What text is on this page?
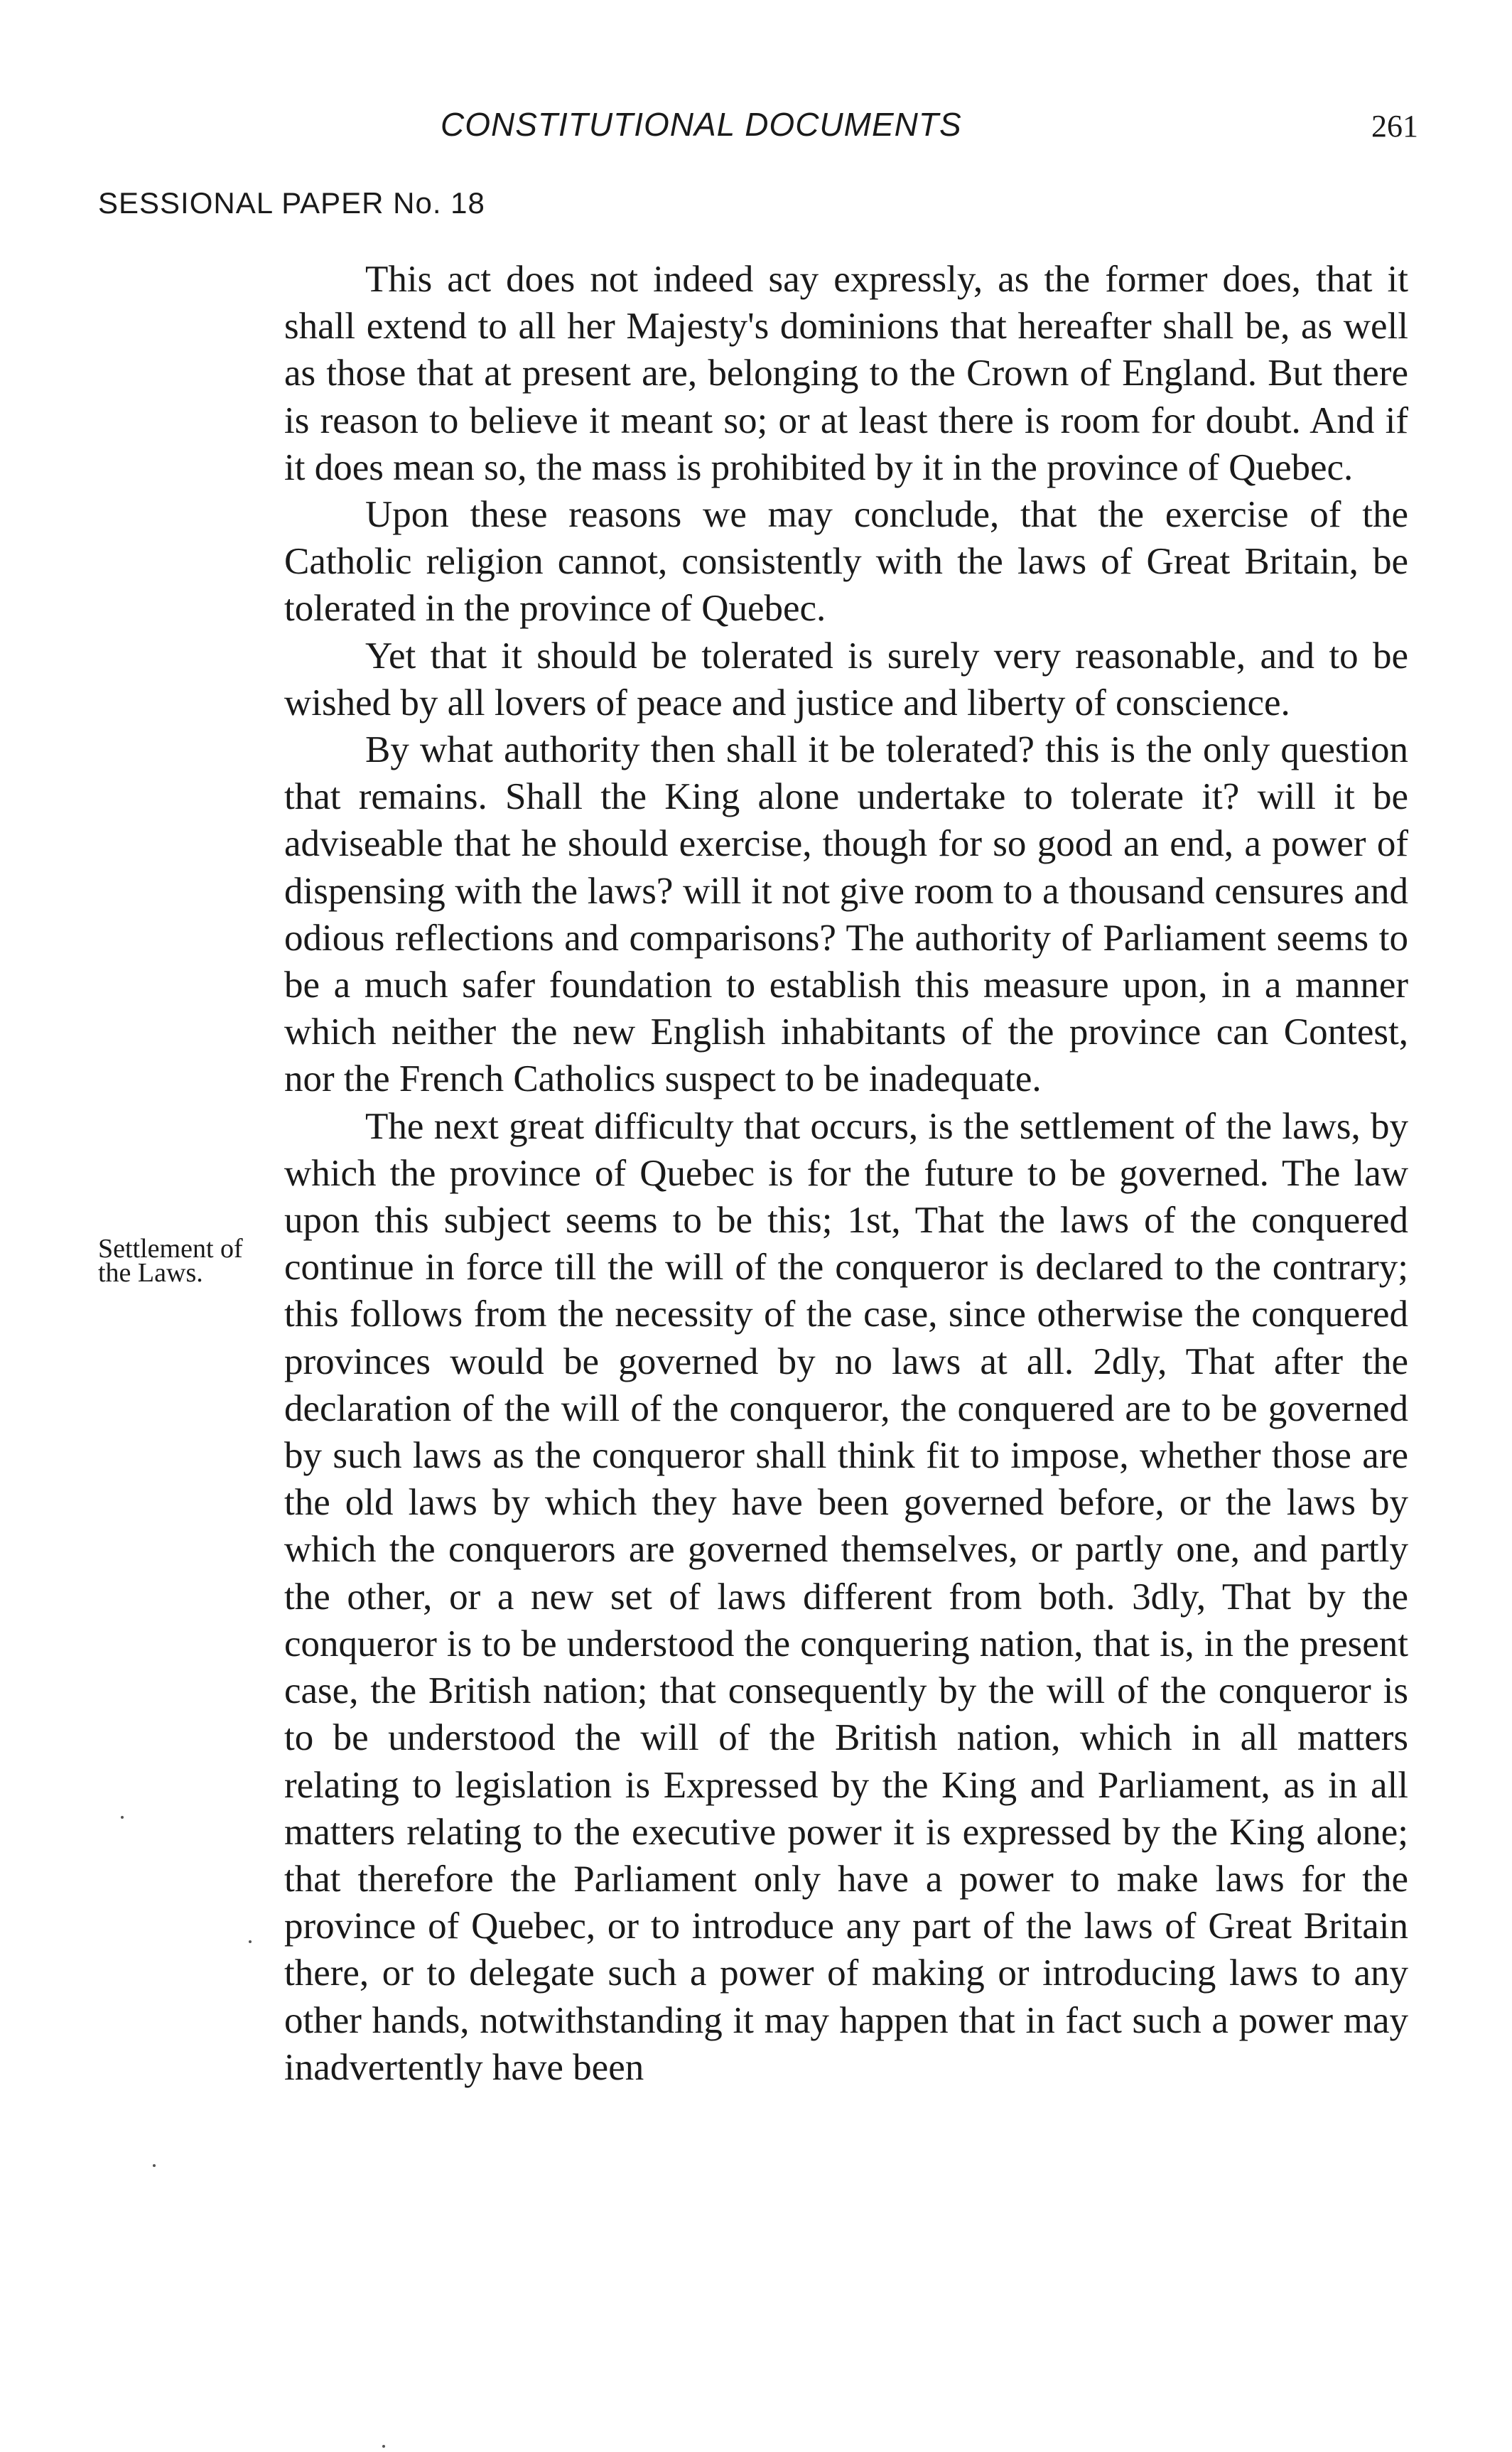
CONSTITUTIONAL DOCUMENTS	261
SESSIONAL PAPER No. 18
Settlement of the Laws.

This act does not indeed say expressly, as the former does, that it shall extend to all her Majesty's dominions that hereafter shall be, as well as those that at present are, belonging to the Crown of England. But there is reason to believe it meant so; or at least there is room for doubt. And if it does mean so, the mass is prohibited by it in the province of Quebec.

Upon these reasons we may conclude, that the exercise of the Catholic religion cannot, consistently with the laws of Great Britain, be tolerated in the province of Quebec.

Yet that it should be tolerated is surely very reasonable, and to be wished by all lovers of peace and justice and liberty of conscience.

By what authority then shall it be tolerated? this is the only question that remains. Shall the King alone undertake to tolerate it? will it be adviseable that he should exercise, though for so good an end, a power of dispensing with the laws? will it not give room to a thousand censures and odious reflections and comparisons? The authority of Parliament seems to be a much safer foundation to establish this measure upon, in a manner which neither the new English inhabitants of the province can Contest, nor the French Catholics suspect to be inadequate.

The next great difficulty that occurs, is the settlement of the laws, by which the province of Quebec is for the future to be governed. The law upon this subject seems to be this; 1st, That the laws of the conquered continue in force till the will of the conqueror is declared to the contrary; this follows from the necessity of the case, since otherwise the conquered provinces would be governed by no laws at all. 2dly, That after the declaration of the will of the conqueror, the conquered are to be governed by such laws as the conqueror shall think fit to impose, whether those are the old laws by which they have been governed before, or the laws by which the conquerors are governed themselves, or partly one, and partly the other, or a new set of laws different from both. 3dly, That by the conqueror is to be understood the conquering nation, that is, in the present case, the British nation; that consequently by the will of the conqueror is to be understood the will of the British nation, which in all matters relating to legislation is Expressed by the King and Parliament, as in all matters relating to the executive power it is expressed by the King alone; that therefore the Parliament only have a power to make laws for the province of Quebec, or to introduce any part of the laws of Great Britain there, or to delegate such a power of making or introducing laws to any other hands, notwithstanding it may happen that in fact such a power may inadvertently have been
